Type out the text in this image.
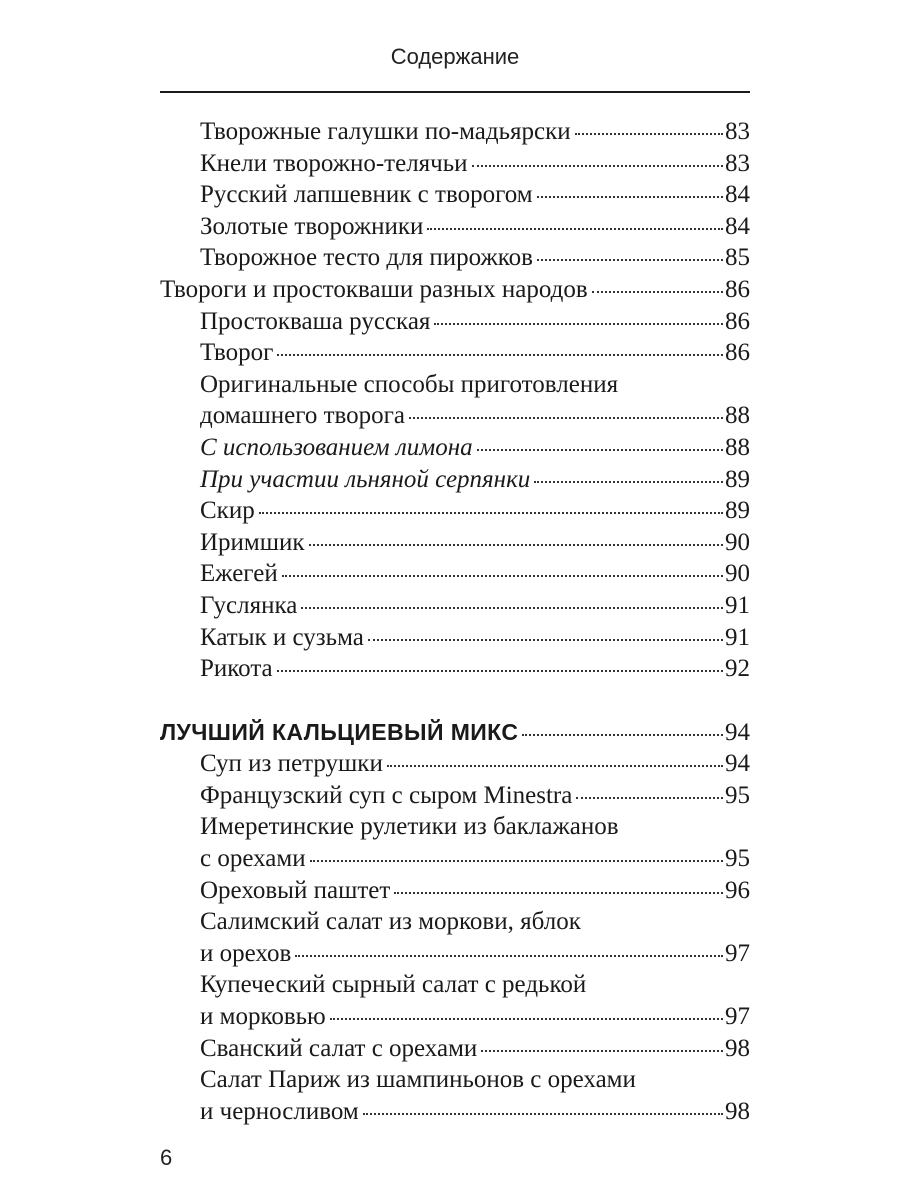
Содержание
Творожные галушки по-мадьярски	83
Кнели творожно-телячьи	83
Русский лапшевник с творогом	84
Золотые творожники	84
Творожное тесто для пирожков	85
Твороги и простокваши разных народов	86
Простокваша русская	86
Творог	86
Оригинальные способы приготовления
домашнего творога	88
С использованием лимона	88
При участии льняной серпянки	89
Скир	89
Иримшик	90
Ежегей	90
Гуслянка	91
Катык и сузьма	91
Рикота	92
ЛУЧШИЙ КАЛЬЦИЕВЫЙ МИКС	94
Суп из петрушки	94
Французский суп с сыром Minestra	95
Имеретинские рулетики из баклажанов
с орехами	95
Ореховый паштет	96
Салимский салат из моркови, яблок
и орехов	97
Купеческий сырный салат с редькой
и морковью	97
Сванский салат с орехами	98
Салат Париж из шампиньонов с орехами
и черносливом	98
6
